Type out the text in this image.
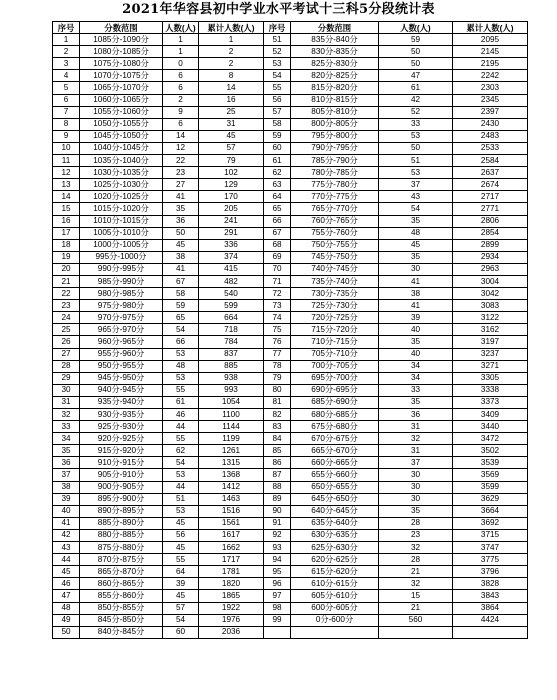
2021年华容县初中学业水平考试十三科5分段统计表
序号	分数范围	人数(人)	累计人数(人)	序号	分数范围	人数(人)	累计人数(人)
1	1085分-1090分	1	1	51	835分-840分	59	2095
2	1080分-1085分	1	2	52	830分-835分	50	2145
3	1075分-1080分	0	2	53	825分-830分	50	2195
4	1070分-1075分	6	8	54	820分-825分	47	2242
5	1065分-1070分	6	14	55	815分-820分	61	2303
6	1060分-1065分	2	16	56	810分-815分	42	2345
7	1055分-1060分	9	25	57	805分-810分	52	2397
8	1050分-1055分	6	31	58	800分-805分	33	2430
9	1045分-1050分	14	45	59	795分-800分	53	2483
10	1040分-1045分	12	57	60	790分-795分	50	2533
11	1035分-1040分	22	79	61	785分-790分	51	2584
12	1030分-1035分	23	102	62	780分-785分	53	2637
13	1025分-1030分	27	129	63	775分-780分	37	2674
14	1020分-1025分	41	170	64	770分-775分	43	2717
15	1015分-1020分	35	205	65	765分-770分	54	2771
16	1010分-1015分	36	241	66	760分-765分	35	2806
17	1005分-1010分	50	291	67	755分-760分	48	2854
18	1000分-1005分	45	336	68	750分-755分	45	2899
19	995分-1000分	38	374	69	745分-750分	35	2934
20	990分-995分	41	415	70	740分-745分	30	2963
21	985分-990分	67	482	71	735分-740分	41	3004
22	980分-985分	58	540	72	730分-735分	38	3042
23	975分-980分	59	599	73	725分-730分	41	3083
24	970分-975分	65	664	74	720分-725分	39	3122
25	965分-970分	54	718	75	715分-720分	40	3162
26	960分-965分	66	784	76	710分-715分	35	3197
27	955分-960分	53	837	77	705分-710分	40	3237
28	950分-955分	48	885	78	700分-705分	34	3271
29	945分-950分	53	938	79	695分-700分	34	3305
30	940分-945分	55	993	80	690分-695分	33	3338
31	935分-940分	61	1054	81	685分-690分	35	3373
32	930分-935分	46	1100	82	680分-685分	36	3409
33	925分-930分	44	1144	83	675分-680分	31	3440
34	920分-925分	55	1199	84	670分-675分	32	3472
35	915分-920分	62	1261	85	665分-670分	31	3502
36	910分-915分	54	1315	86	660分-665分	37	3539
37	905分-910分	53	1368	87	655分-660分	30	3569
38	900分-905分	44	1412	88	650分-655分	30	3599
39	895分-900分	51	1463	89	645分-650分	30	3629
40	890分-895分	53	1516	90	640分-645分	35	3664
41	885分-890分	45	1561	91	635分-640分	28	3692
42	880分-885分	56	1617	92	630分-635分	23	3715
43	875分-880分	45	1662	93	625分-630分	32	3747
44	870分-875分	55	1717	94	620分-625分	28	3775
45	865分-870分	64	1781	95	615分-620分	21	3796
46	860分-865分	39	1820	96	610分-615分	32	3828
47	855分-860分	45	1865	97	605分-610分	15	3843
48	850分-855分	57	1922	98	600分-605分	21	3864
49	845分-850分	54	1976	99	0分-600分	560	4424
50	840分-845分	60	2036				
